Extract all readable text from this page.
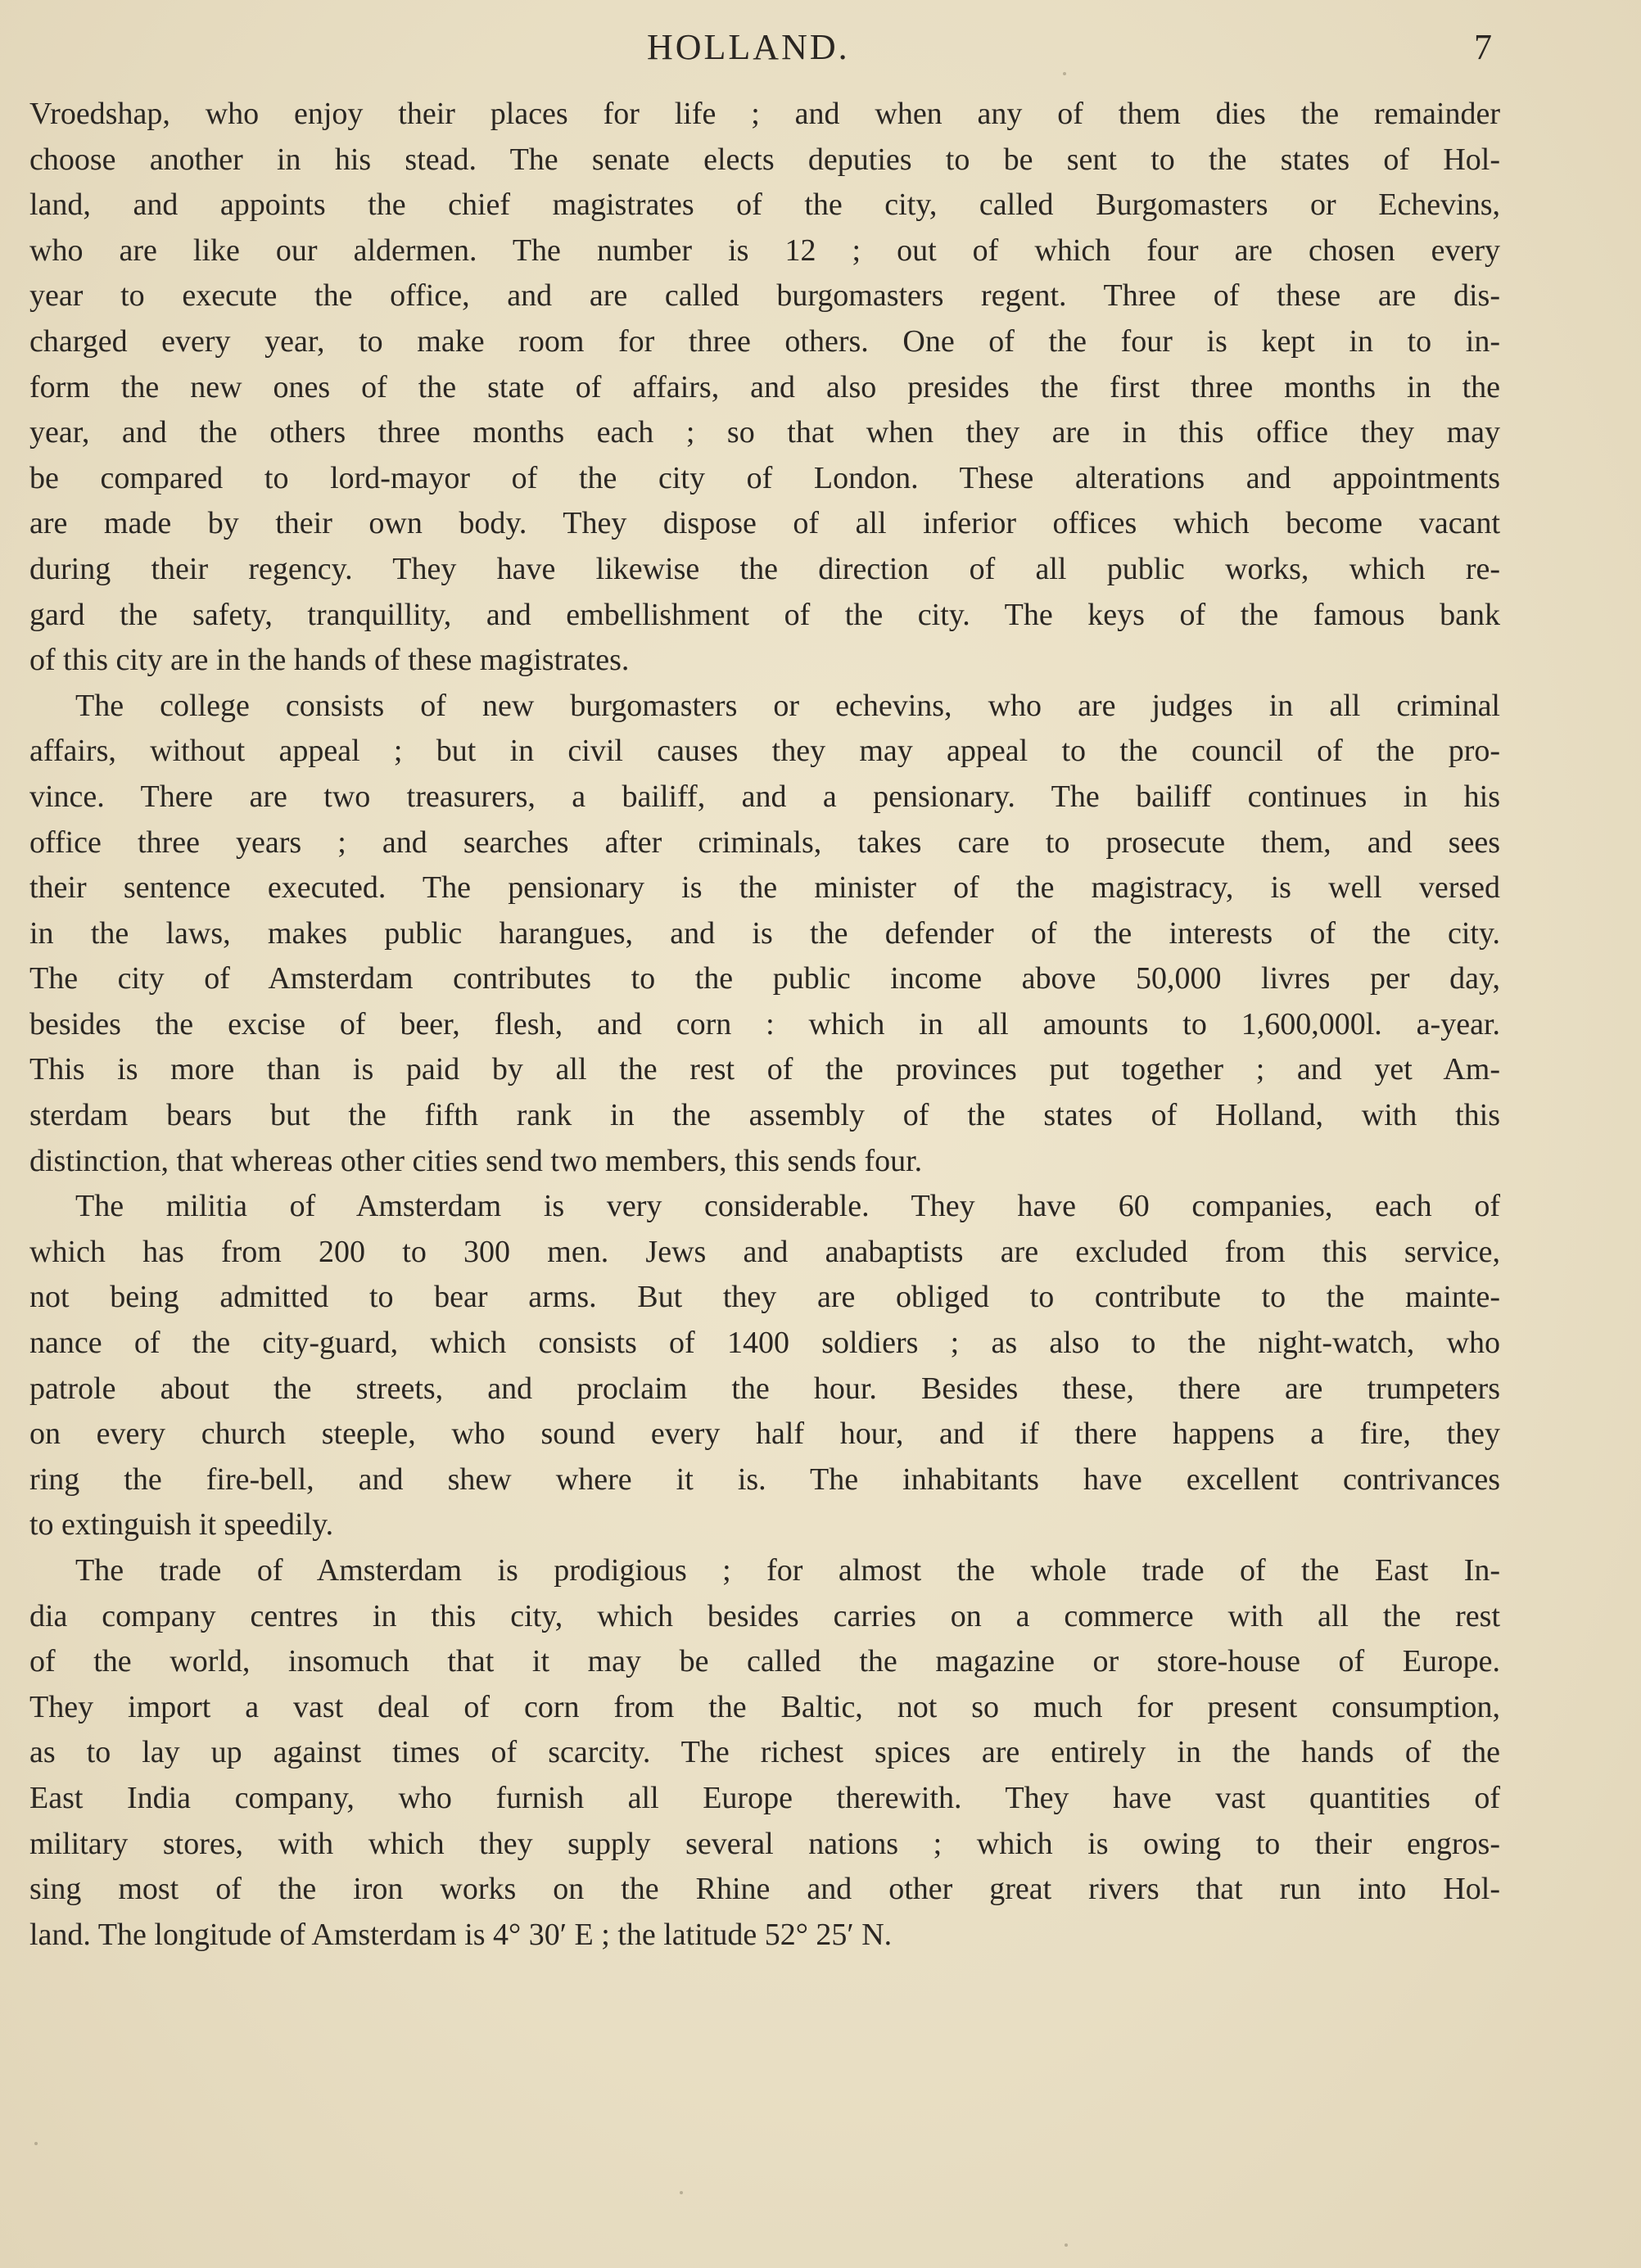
HOLLAND.	7

Vroedshap, who enjoy their places for life ; and when any of them dies the remainder
choose another in his stead. The senate elects deputies to be sent to the states of Hol-
land, and appoints the chief magistrates of the city, called Burgomasters or Echevins,
who are like our aldermen. The number is 12 ; out of which four are chosen every
year to execute the office, and are called burgomasters regent. Three of these are dis-
charged every year, to make room for three others. One of the four is kept in to in-
form the new ones of the state of affairs, and also presides the first three months in the
year, and the others three months each ; so that when they are in this office they may
be compared to lord-mayor of the city of London. These alterations and appointments
are made by their own body. They dispose of all inferior offices which become vacant
during their regency. They have likewise the direction of all public works, which re-
gard the safety, tranquillity, and embellishment of the city. The keys of the famous bank
of this city are in the hands of these magistrates.

The college consists of new burgomasters or echevins, who are judges in all criminal
affairs, without appeal ; but in civil causes they may appeal to the council of the pro-
vince. There are two treasurers, a bailiff, and a pensionary. The bailiff continues in his
office three years ; and searches after criminals, takes care to prosecute them, and sees
their sentence executed. The pensionary is the minister of the magistracy, is well versed
in the laws, makes public harangues, and is the defender of the interests of the city.
The city of Amsterdam contributes to the public income above 50,000 livres per day,
besides the excise of beer, flesh, and corn : which in all amounts to 1,600,000l. a-year.
This is more than is paid by all the rest of the provinces put together ; and yet Am-
sterdam bears but the fifth rank in the assembly of the states of Holland, with this
distinction, that whereas other cities send two members, this sends four.

The militia of Amsterdam is very considerable. They have 60 companies, each of
which has from 200 to 300 men. Jews and anabaptists are excluded from this service,
not being admitted to bear arms. But they are obliged to contribute to the mainte-
nance of the city-guard, which consists of 1400 soldiers ; as also to the night-watch, who
patrole about the streets, and proclaim the hour. Besides these, there are trumpeters
on every church steeple, who sound every half hour, and if there happens a fire, they
ring the fire-bell, and shew where it is. The inhabitants have excellent contrivances
to extinguish it speedily.

The trade of Amsterdam is prodigious ; for almost the whole trade of the East In-
dia company centres in this city, which besides carries on a commerce with all the rest
of the world, insomuch that it may be called the magazine or store-house of Europe.
They import a vast deal of corn from the Baltic, not so much for present consumption,
as to lay up against times of scarcity. The richest spices are entirely in the hands of the
East India company, who furnish all Europe therewith. They have vast quantities of
military stores, with which they supply several nations ; which is owing to their engros-
sing most of the iron works on the Rhine and other great rivers that run into Hol-
land. The longitude of Amsterdam is 4° 30′ E ; the latitude 52° 25′ N.
